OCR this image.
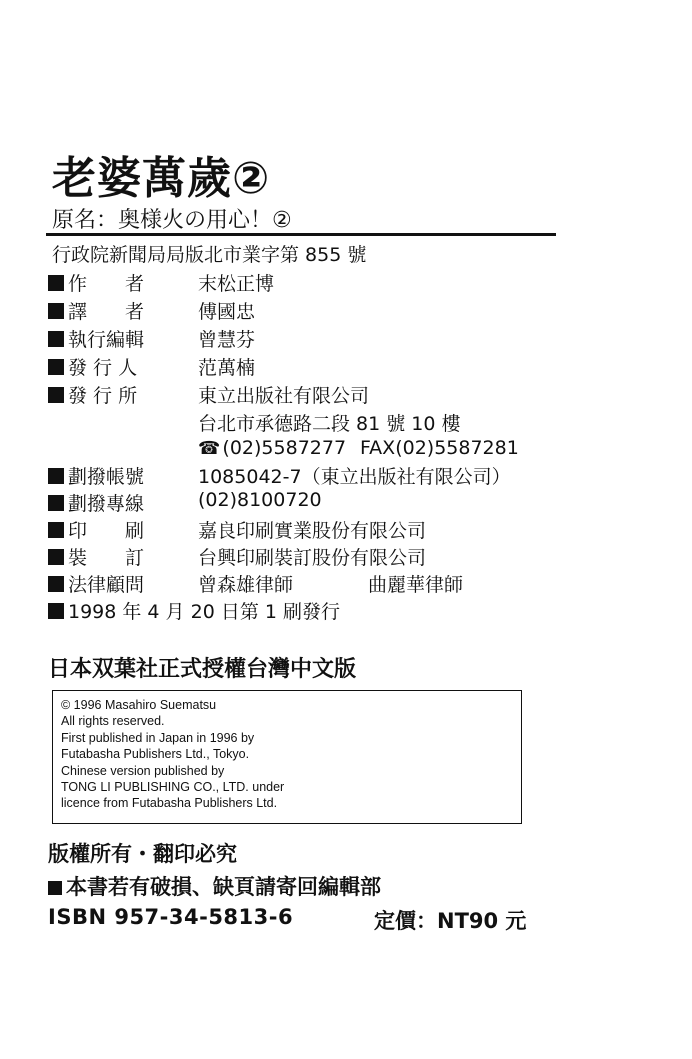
老婆萬歲②
原名：奥様火の用心！②
行政院新聞局局版北市業字第 855 號
作　　者	末松正博
譯　　者	傅國忠
執行編輯	曾慧芬
發 行 人	范萬楠
發 行 所	東立出版社有限公司
台北市承德路二段 81 號 10 樓
☎ (02)5587277 FAX(02)5587281
劃撥帳號	1085042-7（東立出版社有限公司）
劃撥專線	(02)8100720
印　　刷	嘉良印刷實業股份有限公司
裝　　訂	台興印刷裝訂股份有限公司
法律顧問	曾森雄律師	曲麗華律師
1998 年 4 月 20 日第 1 刷發行
日本双葉社正式授權台灣中文版
© 1996 Masahiro Suematsu
All rights reserved.
First published in Japan in 1996 by
Futabasha Publishers Ltd., Tokyo.
Chinese version published by
TONG LI PUBLISHING CO., LTD. under
licence from Futabasha Publishers Ltd.
版權所有・翻印必究
本書若有破損、缺頁請寄回編輯部
ISBN 957-34-5813-6	定價：NT90 元
